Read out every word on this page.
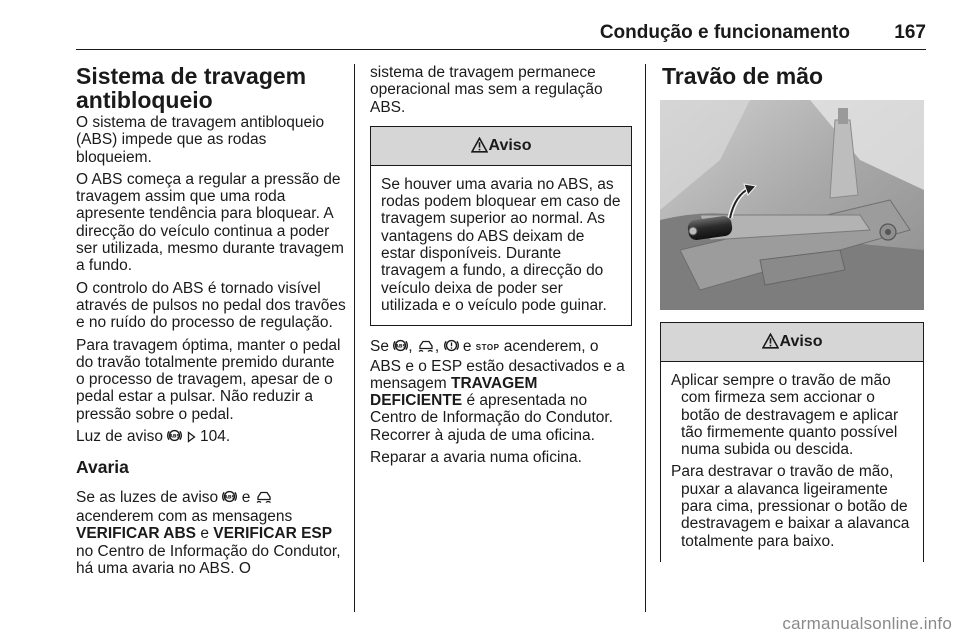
Condução e funcionamento 167
Sistema de travagem antibloqueio

O sistema de travagem antibloqueio (ABS) impede que as rodas bloqueiem.

O ABS começa a regular a pressão de travagem assim que uma roda apresente tendência para bloquear. A direcção do veículo continua a poder ser utilizada, mesmo durante travagem a fundo.

O controlo do ABS é tornado visível através de pulsos no pedal dos travões e no ruído do processo de regulação.

Para travagem óptima, manter o pedal do travão totalmente premido durante o processo de travagem, apesar de o pedal estar a pulsar. Não reduzir a pressão sobre o pedal.

Luz de aviso ABS 104.

Avaria

Se as luzes de aviso ABS e  acenderem com as mensagens VERIFICAR ABS e VERIFICAR ESP no Centro de Informação do Condutor, há uma avaria no ABS. O

sistema de travagem permanece operacional mas sem a regulação ABS.

Aviso

Se houver uma avaria no ABS, as rodas podem bloquear em caso de travagem superior ao normal. As vantagens do ABS deixam de estar disponíveis. Durante travagem a fundo, a direcção do veículo deixa de poder ser utilizada e o veículo pode guinar.

Se ABS , ,  e STOP acenderem, o ABS e o ESP estão desactivados e a mensagem TRAVAGEM DEFICIENTE é apresentada no Centro de Informação do Condutor. Recorrer à ajuda de uma oficina.

Reparar a avaria numa oficina.

Travão de mão
Aviso

Aplicar sempre o travão de mão com firmeza sem accionar o botão de destravagem e aplicar tão firmemente quanto possível numa subida ou descida.

Para destravar o travão de mão, puxar a alavanca ligeiramente para cima, pressionar o botão de destravagem e baixar a alavanca totalmente para baixo.

carmanualsonline.info
